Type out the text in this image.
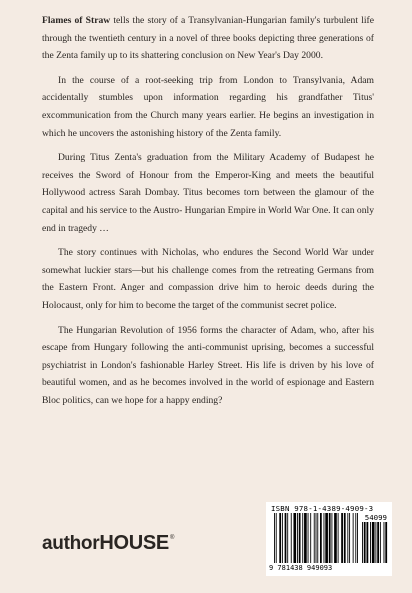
Flames of Straw tells the story of a Transylvanian-Hungarian family's turbulent life through the twentieth century in a novel of three books depicting three generations of the Zenta family up to its shattering conclusion on New Year's Day 2000.

In the course of a root-seeking trip from London to Transylvania, Adam accidentally stumbles upon information regarding his grandfather Titus' excommunication from the Church many years earlier. He begins an investigation in which he uncovers the astonishing history of the Zenta family.

During Titus Zenta's graduation from the Military Academy of Budapest he receives the Sword of Honour from the Emperor-King and meets the beautiful Hollywood actress Sarah Dombay. Titus becomes torn between the glamour of the capital and his service to the Austro- Hungarian Empire in World War One. It can only end in tragedy …

The story continues with Nicholas, who endures the Second World War under somewhat luckier stars—but his challenge comes from the retreating Germans from the Eastern Front. Anger and compassion drive him to heroic deeds during the Holocaust, only for him to become the target of the communist secret police.

The Hungarian Revolution of 1956 forms the character of Adam, who, after his escape from Hungary following the anti-communist uprising, becomes a successful psychiatrist in London's fashionable Harley Street. His life is driven by his love of beautiful women, and as he becomes involved in the world of espionage and Eastern Bloc politics, can we hope for a happy ending?

authorHOUSE®
ISBN 978-1-4389-4909-3
54099
9 781438 949093
